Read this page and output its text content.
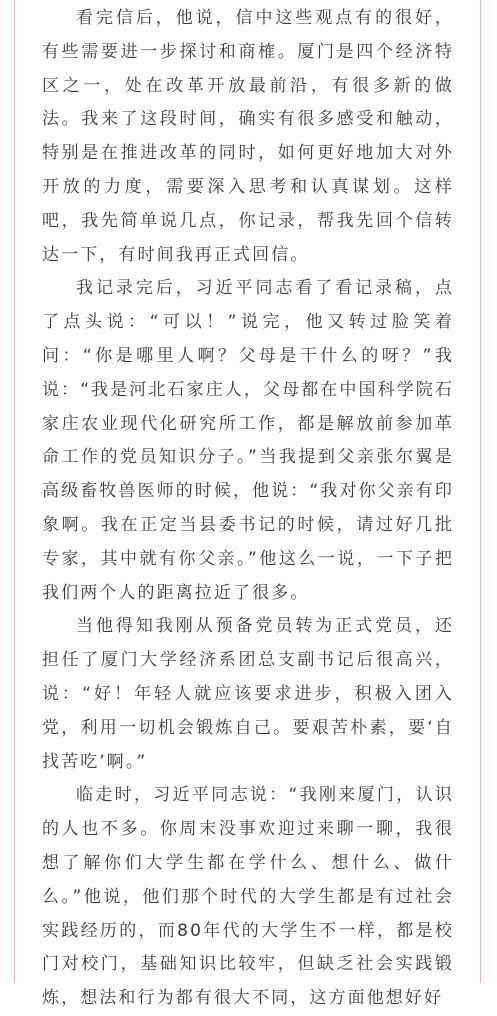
看完信后，他说，信中这些观点有的很好，有些需要进一步探讨和商榷。厦门是四个经济特区之一，处在改革开放最前沿，有很多新的做法。我来了这段时间，确实有很多感受和触动，特别是在推进改革的同时，如何更好地加大对外开放的力度，需要深入思考和认真谋划。这样吧，我先简单说几点，你记录，帮我先回个信转达一下，有时间我再正式回信。

我记录完后，习近平同志看了看记录稿，点了点头说：“可以！”说完，他又转过脸笑着问：“你是哪里人啊？父母是干什么的呀？”我说：“我是河北石家庄人，父母都在中国科学院石家庄农业现代化研究所工作，都是解放前参加革命工作的党员知识分子。”当我提到父亲张尔翼是高级畜牧兽医师的时候，他说：“我对你父亲有印象啊。我在正定当县委书记的时候，请过好几批专家，其中就有你父亲。”他这么一说，一下子把我们两个人的距离拉近了很多。

当他得知我刚从预备党员转为正式党员，还担任了厦门大学经济系团总支副书记后很高兴，说：“好！年轻人就应该要求进步，积极入团入党，利用一切机会锻炼自己。要艰苦朴素，要‘自找苦吃’啊。”

临走时，习近平同志说：“我刚来厦门，认识的人也不多。你周末没事欢迎过来聊一聊，我很想了解你们大学生都在学什么、想什么、做什么。”他说，他们那个时代的大学生都是有过社会实践经历的，而80年代的大学生不一样，都是校门对校门，基础知识比较牢，但缺乏社会实践锻炼，想法和行为都有很大不同，这方面他想好好
